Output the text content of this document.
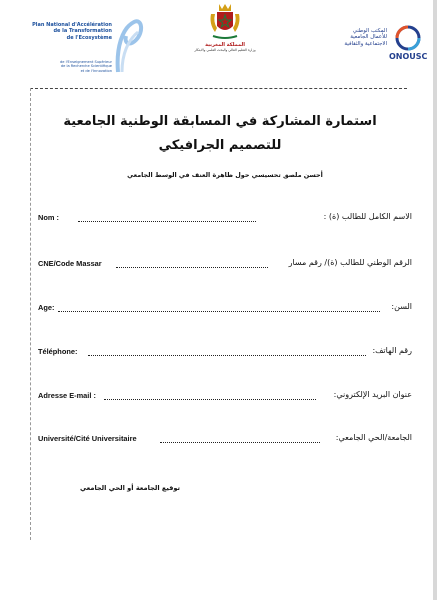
Plan National d'Accélération
de la Transformation
de l'Ecosystème
de l'Enseignement Supérieur
de la Recherche Scientifique
et de l'Innovation
المملكة المغربية
وزارة التعليم العالي والبحث العلمي والابتكار
المكتب الوطني
للأعمال الجامعية
الاجتماعية والثقافية
ONOUSC
استمارة المشاركة في المسابقة الوطنية الجامعية
للتصميم الجرافيكي
أحسن ملصق تحسيسي حول ظاهرة العنف في الوسط الجامعي
Nom :	الاسم الكامل للطالب (ة) :
CNE/Code Massar	الرقم الوطني للطالب (ة)/ رقم مسار
Age:	السن:
Téléphone:	رقم الهاتف:
Adresse E-mail :	عنوان البريد الإلكتروني:
Université/Cité Universitaire	الجامعة/الحي الجامعي:
توقيع الجامعة أو الحي الجامعي
